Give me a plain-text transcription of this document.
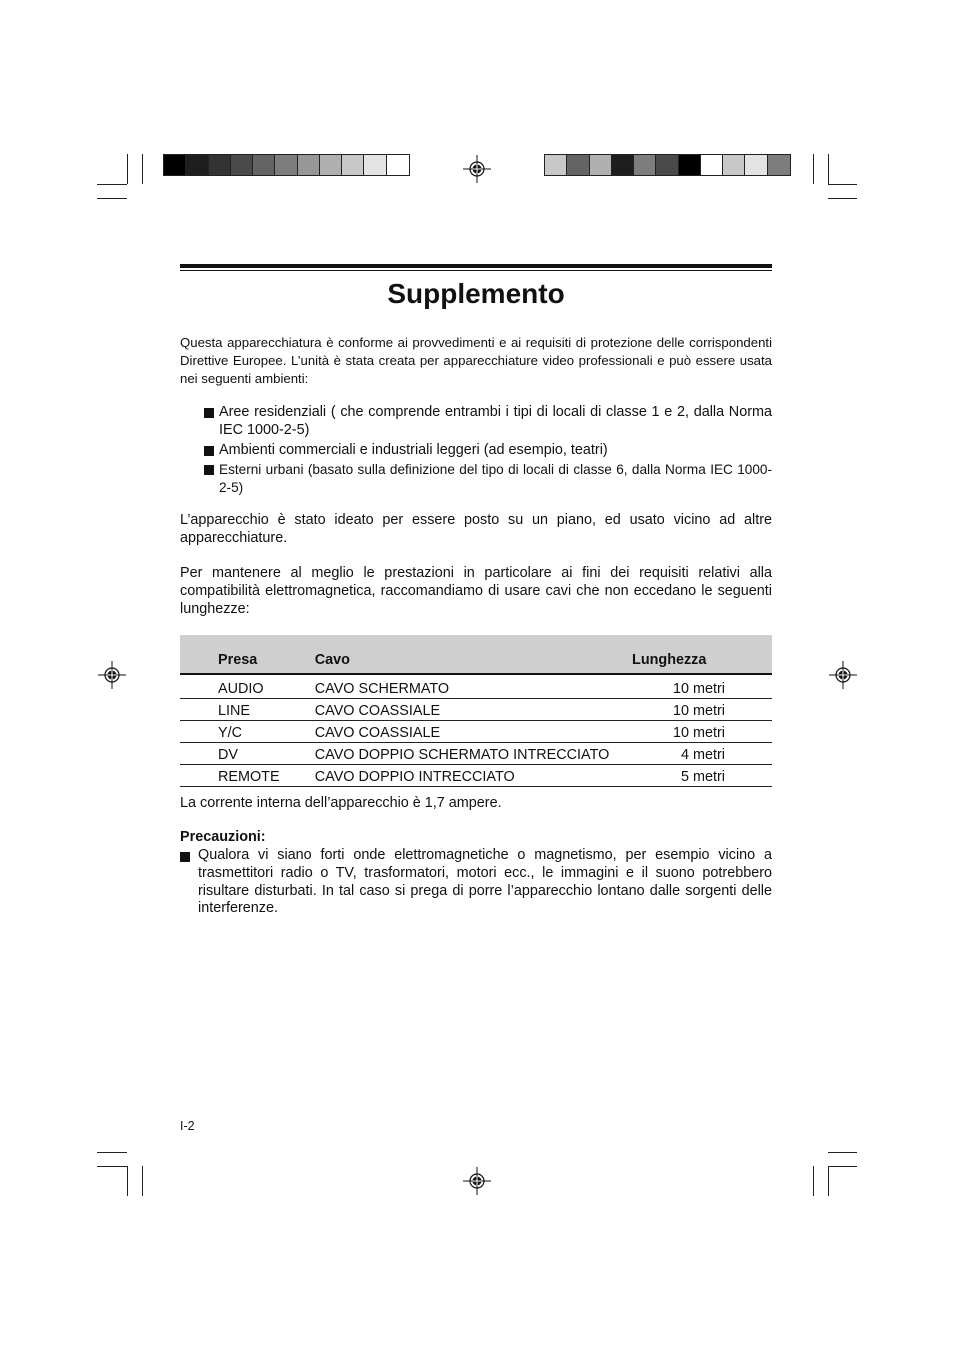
Supplemento

Questa apparecchiatura è conforme ai provvedimenti e ai requisiti di protezione delle corrispondenti Direttive Europee. L’unità è stata creata per apparecchiature video professionali e può essere usata nei seguenti ambienti:

Aree residenziali ( che comprende entrambi i tipi di locali di classe 1 e 2, dalla Norma IEC 1000-2-5)
Ambienti commerciali e industriali leggeri (ad esempio, teatri)
Esterni urbani (basato sulla definizione del tipo di locali di classe 6, dalla Norma IEC 1000-2-5)

L’apparecchio è stato ideato per essere posto su un piano, ed usato vicino ad altre apparecchiature.

Per mantenere al meglio le prestazioni in particolare ai fini dei requisiti relativi alla compatibilità elettromagnetica, raccomandiamo di usare cavi che non eccedano le seguenti lunghezze:

Presa	Cavo	Lunghezza
AUDIO	CAVO SCHERMATO	10 metri
LINE	CAVO COASSIALE	10 metri
Y/C	CAVO COASSIALE	10 metri
DV	CAVO DOPPIO SCHERMATO INTRECCIATO	4 metri
REMOTE	CAVO DOPPIO INTRECCIATO	5 metri

La corrente interna dell’apparecchio è 1,7 ampere.

Precauzioni:
Qualora vi siano forti onde elettromagnetiche o magnetismo, per esempio vicino a trasmettitori radio o TV, trasformatori, motori ecc., le immagini e il suono potrebbero risultare disturbati. In tal caso si prega di porre l’apparecchio lontano dalle sorgenti delle interferenze.
I-2
